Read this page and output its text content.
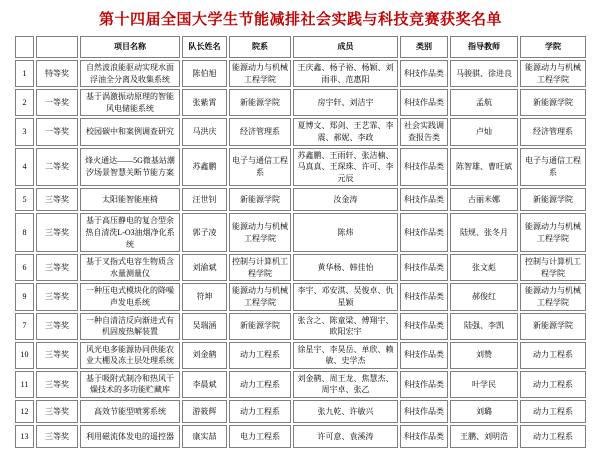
第十四届全国大学生节能减排社会实践与科技竞赛获奖名单
		项目名称	队长姓名	院系	成员	类别	指导教师	学院
1	特等奖	自然波浪能驱动实现水面浮油全分离及收集系统	陈伯旭	能源动力与机械工程学院	王庆鑫、杨子裕、杨颖、刘雨菲、范惠阳	科技作品类	马骏骐、徐进良	能源动力与机械工程学院
2	一等奖	基于涡激振动原理的智能风电储能系统	张紫霄	新能源学院	房宇轩、刘洁宇	科技作品类	孟航	新能源学院
3	一等奖	校园碳中和案例调查研究	马洪庆	经济管理系	夏博文、郑剑、王艺霏、李震、郝妮、李政	社会实践调查报告类	卢灿	经济管理系
4	二等奖	烽火通达——5G微基站潮汐场景智慧关断节能方案	苏鑫鹏	电子与通信工程系	苏鑫鹏、王雨轩、张洁楠、马真真、王琛珠、许可、李元辰	科技作品类	陈智雄、曹旺斌	电子与通信工程系
5	三等奖	太阳能智能座椅	汪世钊	新能源学院	汝金涛	科技作品类	古丽米娜	新能源学院
8	三等奖	基于高压静电的复合型余热自清洗L-O3油烟净化系统	郭子凌	能源动力与机械工程学院	陈炜	科技作品类	陆规、张冬月	能源动力与机械工程学院
6	三等奖	基于叉指式电容生物质含水量测量仪	刘渝斌	控制与计算机工程学院	黄华杨、韩佳怡	科技作品类	张文彪	控制与计算机工程学院
9	三等奖	一种压电式模块化的降噪声发电系统	符坤	能源动力与机械工程学院	李宇、邓安淇、吴俊卓、仇星颖	科技作品类	郝俊红	能源动力与机械工程学院
7	三等奖	一种自清洁反向渐进式有机固废热解装置	吴瑞涵	新能源学院	张含之、陈童梁、傅翔宇、欧阳宏宇	科技作品类	陆强、李凯	新能源学院
10	三等奖	风光电多能源协同供能农业大棚及冻土层处理系统	刘金鹤	动力工程系	徐星宇、李昊岳、单欣、赖敏、史学杰	科技作品类	刘赞	动力工程系
11	三等奖	基于吸附式制冷和热风干燥技术的多功能贮藏库	李晨斌	动力工程系	刘金鹤、周王龙、焦慧杰、周宇卓、张乙	科技作品类	叶学民	动力工程系
12	三等奖	高效节能型喷雾系统	游筱辉	动力工程系	张九乾、许敏兴	科技作品类	刘璐	动力工程系
13	三等奖	利用磁流体发电的遥控器	康实喆	电力工程系	许可意、袁溪涛	科技作品类	王鹏、刘明浩	动力工程系
